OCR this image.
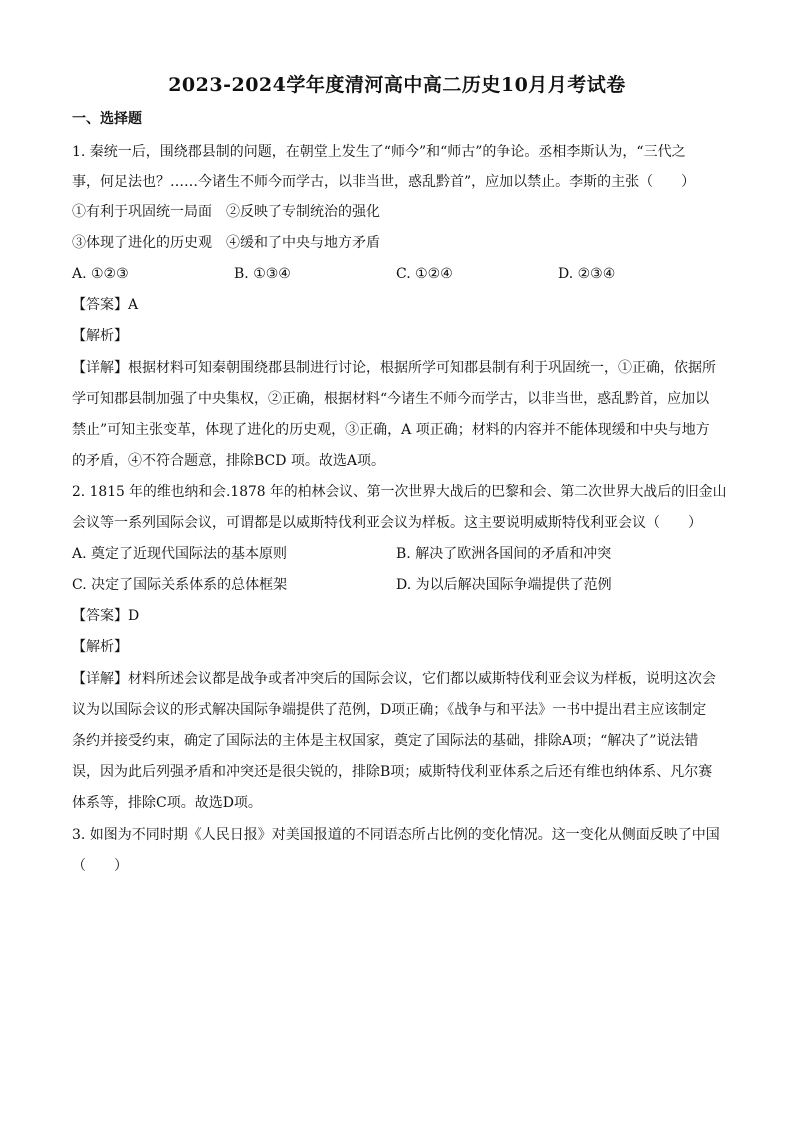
2023-2024学年度清河高中高二历史10月月考试卷
一、选择题
1. 秦统一后，围绕郡县制的问题，在朝堂上发生了“师今”和“师古”的争论。丞相李斯认为，“三代之
事，何足法也？……今诸生不师今而学古，以非当世，惑乱黔首”，应加以禁止。李斯的主张（　　）
①有利于巩固统一局面　②反映了专制统治的强化
③体现了进化的历史观　④缓和了中央与地方矛盾
A. ①②③	B. ①③④	C. ①②④	D. ②③④
【答案】A
【解析】
【详解】根据材料可知秦朝围绕郡县制进行讨论，根据所学可知郡县制有利于巩固统一，①正确，依据所
学可知郡县制加强了中央集权，②正确，根据材料“今诸生不师今而学古，以非当世，惑乱黔首，应加以
禁止”可知主张变革，体现了进化的历史观，③正确，A 项正确；材料的内容并不能体现缓和中央与地方
的矛盾，④不符合题意，排除BCD 项。故选A项。
2. 1815 年的维也纳和会.1878 年的柏林会议、第一次世界大战后的巴黎和会、第二次世界大战后的旧金山
会议等一系列国际会议，可谓都是以威斯特伐利亚会议为样板。这主要说明威斯特伐利亚会议（　　）
A. 奠定了近现代国际法的基本原则	B. 解决了欧洲各国间的矛盾和冲突
C. 决定了国际关系体系的总体框架	D. 为以后解决国际争端提供了范例
【答案】D
【解析】
【详解】材料所述会议都是战争或者冲突后的国际会议，它们都以威斯特伐利亚会议为样板，说明这次会
议为以国际会议的形式解决国际争端提供了范例，D项正确；《战争与和平法》一书中提出君主应该制定
条约并接受约束，确定了国际法的主体是主权国家，奠定了国际法的基础，排除A项；“解决了”说法错
误，因为此后列强矛盾和冲突还是很尖锐的，排除B项；威斯特伐利亚体系之后还有维也纳体系、凡尔赛
体系等，排除C项。故选D项。
3. 如图为不同时期《人民日报》对美国报道的不同语态所占比例的变化情况。这一变化从侧面反映了中国
（　　）
